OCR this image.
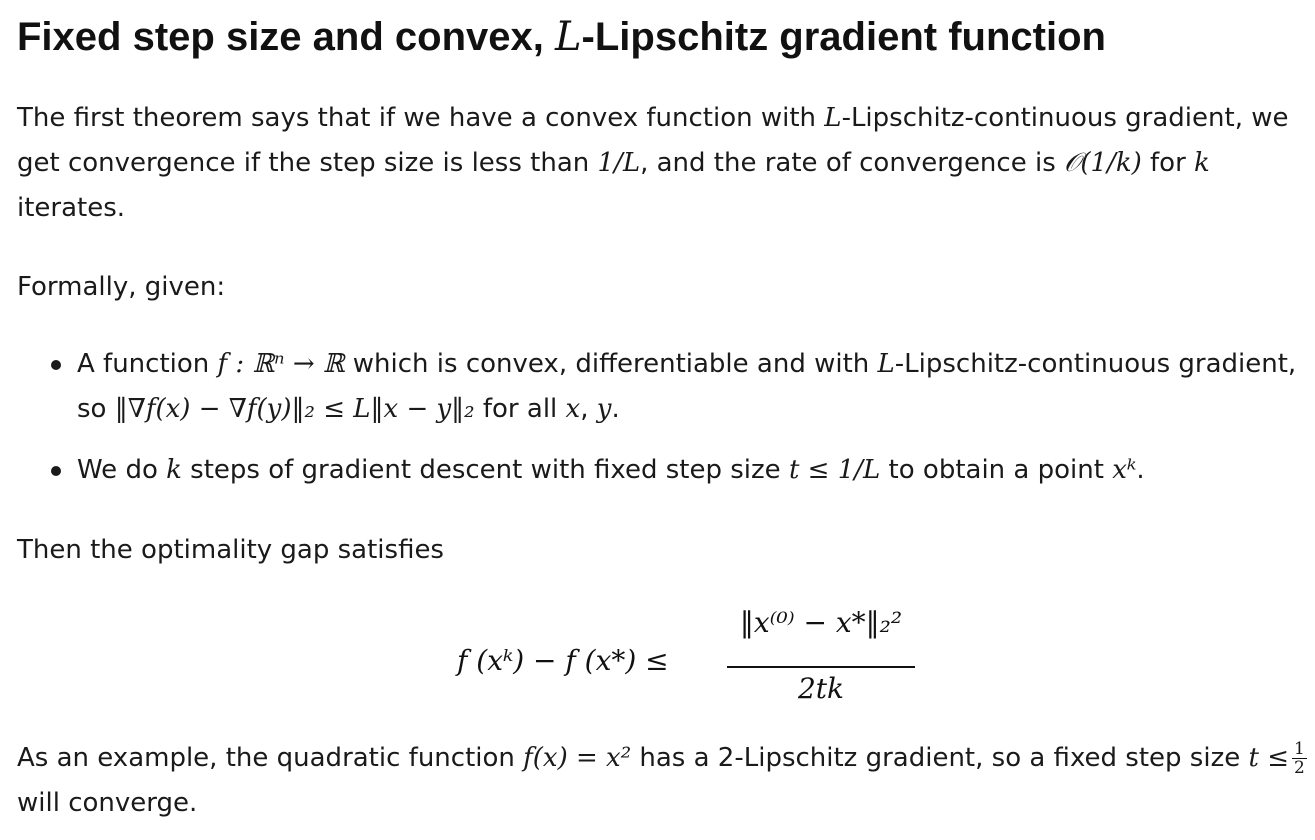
Fixed step size and convex, L-Lipschitz gradient function

The first theorem says that if we have a convex function with L-Lipschitz-continuous gradient, we get convergence if the step size is less than 1/L, and the rate of convergence is 𝒪(1/k) for k iterates.

Formally, given:

A function f : ℝⁿ → ℝ which is convex, differentiable and with L-Lipschitz-continuous gradient, so ‖∇f(x) − ∇f(y)‖₂ ≤ L‖x − y‖₂ for all x, y.
We do k steps of gradient descent with fixed step size t ≤ 1/L to obtain a point xᵏ.

Then the optimality gap satisfies

f (xᵏ) − f (x*) ≤
‖x⁽⁰⁾ − x*‖₂²
2tk

As an example, the quadratic function f(x) = x² has a 2-Lipschitz gradient, so a fixed step size $t \le \frac{1}{2}$
will converge.
